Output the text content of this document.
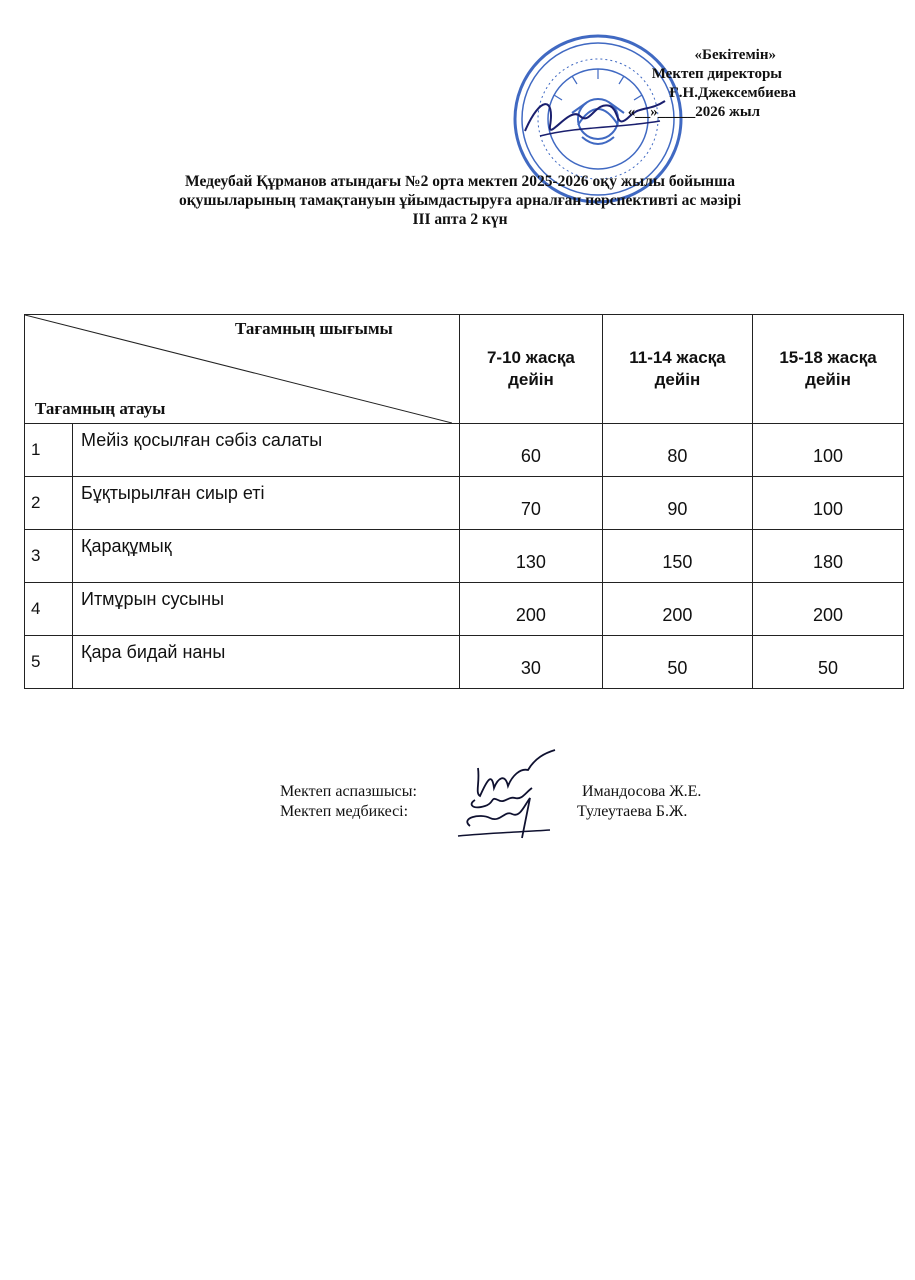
«Бекітемін»
Мектеп директоры
Ғ.Н.Джексембиева
«__»_____2026 жыл
Медеубай Құрманов атындағы №2 орта мектеп 2025-2026 оқу жылы бойынша
оқушыларының тамақтануын ұйымдастыруға арналған перспективті ас мәзірі
ІІІ апта 2 күн
Тағамның шығымы
Тағамның атауы		7-10 жасқа дейін	11-14 жасқа дейін	15-18 жасқа дейін
1	Мейіз қосылған сәбіз салаты	60	80	100
2	Бұқтырылған сиыр еті	70	90	100
3	Қарақұмық	130	150	180
4	Итмұрын сусыны	200	200	200
5	Қара бидай наны	30	50	50
Мектеп аспазшысы:	Имандосова Ж.Е.
Мектеп медбикесі:	Тулеутаева Б.Ж.
